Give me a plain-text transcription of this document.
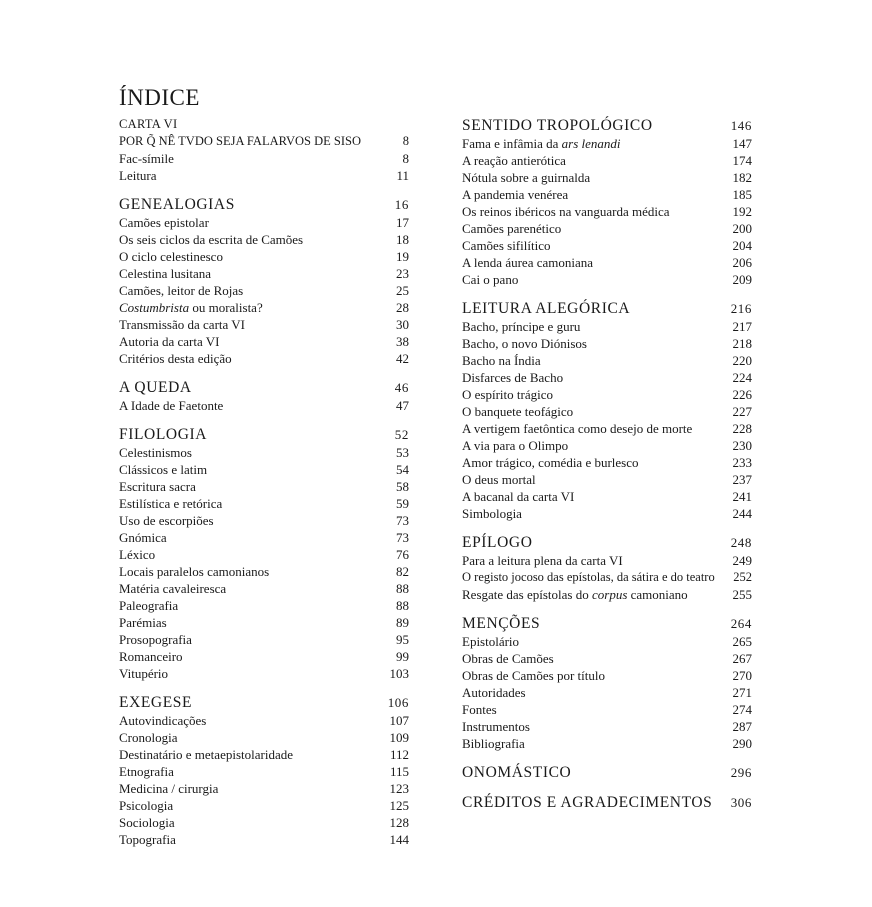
ÍNDICE
CARTA VI
POR Q̃ NÊ TVDO SEJA FALARVOS DE SISO	8
Fac-símile	8
Leitura	11
GENEALOGIAS	16
Camões epistolar	17
Os seis ciclos da escrita de Camões	18
O ciclo celestinesco	19
Celestina lusitana	23
Camões, leitor de Rojas	25
Costumbrista ou moralista?	28
Transmissão da carta VI	30
Autoria da carta VI	38
Critérios desta edição	42
A QUEDA	46
A Idade de Faetonte	47
FILOLOGIA	52
Celestinismos	53
Clássicos e latim	54
Escritura sacra	58
Estilística e retórica	59
Uso de escorpiões	73
Gnómica	73
Léxico	76
Locais paralelos camonianos	82
Matéria cavaleiresca	88
Paleografia	88
Parémias	89
Prosopografia	95
Romanceiro	99
Vitupério	103
EXEGESE	106
Autovindicações	107
Cronologia	109
Destinatário e metaepistolaridade	112
Etnografia	115
Medicina / cirurgia	123
Psicologia	125
Sociologia	128
Topografia	144
SENTIDO TROPOLÓGICO	146
Fama e infâmia da ars lenandi	147
A reação antierótica	174
Nótula sobre a guirnalda	182
A pandemia venérea	185
Os reinos ibéricos na vanguarda médica	192
Camões parenético	200
Camões sifilítico	204
A lenda áurea camoniana	206
Cai o pano	209
LEITURA ALEGÓRICA	216
Bacho, príncipe e guru	217
Bacho, o novo Diónisos	218
Bacho na Índia	220
Disfarces de Bacho	224
O espírito trágico	226
O banquete teofágico	227
A vertigem faetôntica como desejo de morte	228
A via para o Olimpo	230
Amor trágico, comédia e burlesco	233
O deus mortal	237
A bacanal da carta VI	241
Simbologia	244
EPÍLOGO	248
Para a leitura plena da carta VI	249
O registo jocoso das epístolas, da sátira e do teatro	252
Resgate das epístolas do corpus camoniano	255
MENÇÕES	264
Epistolário	265
Obras de Camões	267
Obras de Camões por título	270
Autoridades	271
Fontes	274
Instrumentos	287
Bibliografia	290
ONOMÁSTICO	296
CRÉDITOS E AGRADECIMENTOS 306
